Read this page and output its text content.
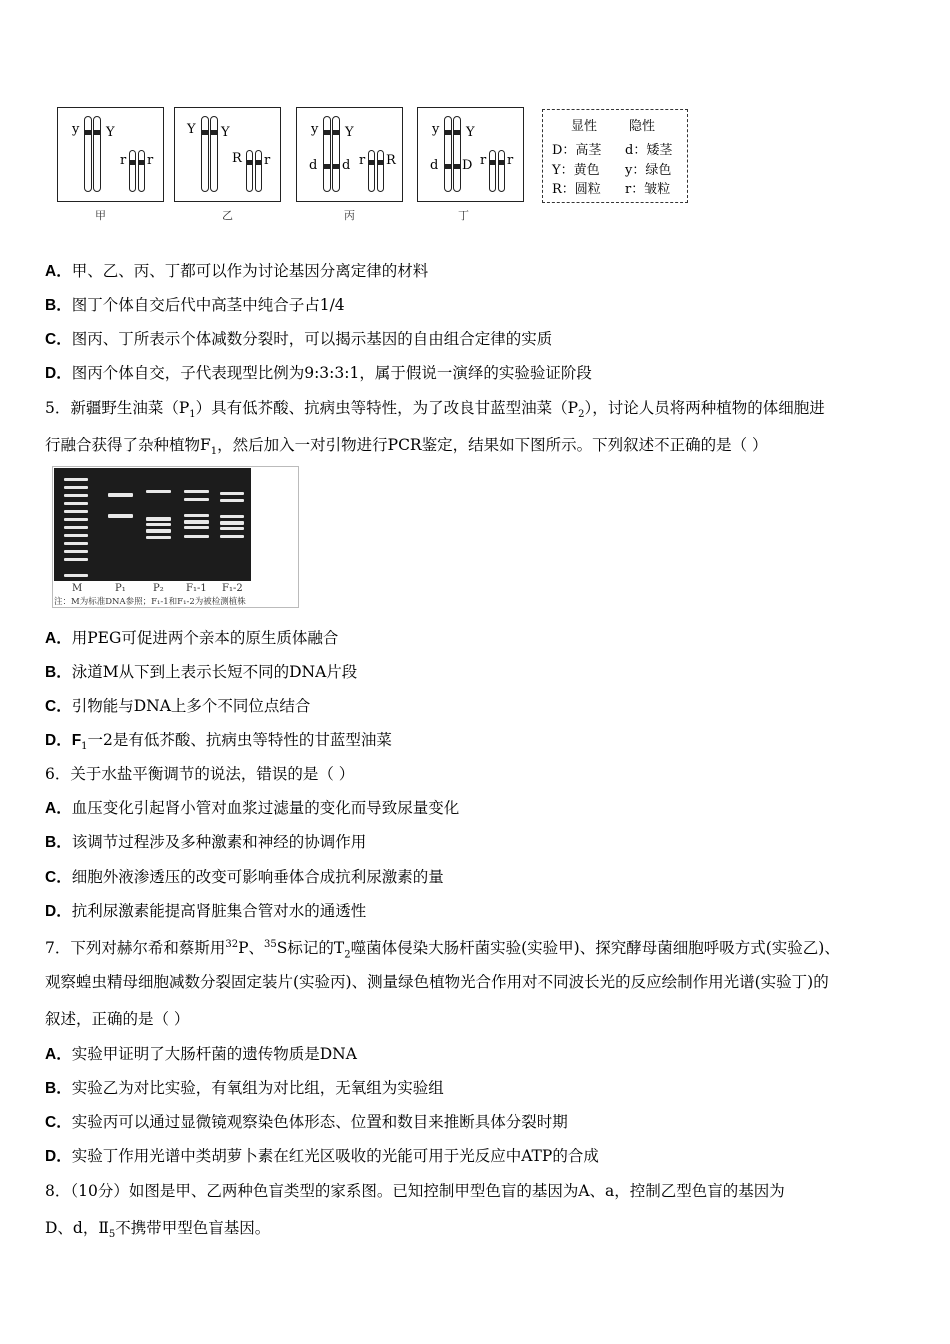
y Y
r r
甲
Y Y
R r
乙
y Y
d d r R
丙
y Y
d D r r
丁
显性 隐性
D：高茎 d：矮茎
Y：黄色 y：绿色
R：圆粒 r：皱粒
A．甲、乙、丙、丁都可以作为讨论基因分离定律的材料
B．图丁个体自交后代中高茎中纯合子占1/4
C．图丙、丁所表示个体减数分裂时，可以揭示基因的自由组合定律的实质
D．图丙个体自交，子代表现型比例为9:3:3:1，属于假说一演绎的实验验证阶段
5．新疆野生油菜$(P_1)$具有低芥酸、抗病虫等特性，为了改良甘蓝型油菜$(P_2)$，讨论人员将两种植物的体细胞进
行融合获得了杂种植物$F_1$，然后加入一对引物进行PCR鉴定，结果如下图所示。下列叙述不正确的是（ ）
M	P₁	P₂ F₁-1 F₁-2
注：M为标准DNA参照；F₁-1和F₁-2为被检测植株
A．用PEG可促进两个亲本的原生质体融合
B．泳道M从下到上表示长短不同的DNA片段
C．引物能与DNA上多个不同位点结合
D．$F_1$一2是有低芥酸、抗病虫等特性的甘蓝型油菜
6．关于水盐平衡调节的说法，错误的是（ ）
A．血压变化引起肾小管对血浆过滤量的变化而导致尿量变化
B．该调节过程涉及多种激素和神经的协调作用
C．细胞外液渗透压的改变可影响垂体合成抗利尿激素的量
D．抗利尿激素能提高肾脏集合管对水的通透性
7．下列对赫尔希和蔡斯用$^{32}$P、$^{35}$S标记的$T_2$噬菌体侵染大肠杆菌实验(实验甲)、探究酵母菌细胞呼吸方式(实验乙)、
观察蝗虫精母细胞减数分裂固定装片(实验丙)、测量绿色植物光合作用对不同波长光的反应绘制作用光谱(实验丁)的
叙述，正确的是（ ）
A．实验甲证明了大肠杆菌的遗传物质是DNA
B．实验乙为对比实验，有氧组为对比组，无氧组为实验组
C．实验丙可以通过显微镜观察染色体形态、位置和数目来推断具体分裂时期
D．实验丁作用光谱中类胡萝卜素在红光区吸收的光能可用于光反应中ATP的合成
8．（10分）如图是甲、乙两种色盲类型的家系图。已知控制甲型色盲的基因为A、a，控制乙型色盲的基因为
D、d，$Ⅱ_5$不携带甲型色盲基因。
